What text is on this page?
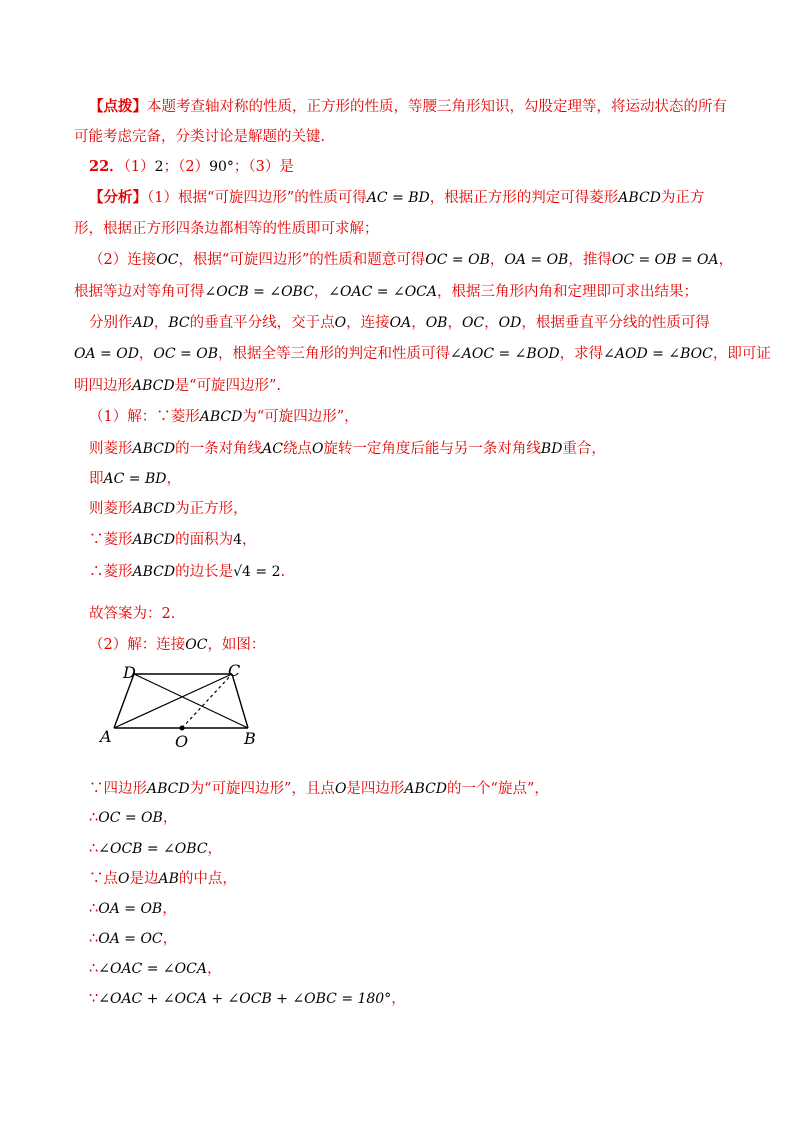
【点拨】本题考查轴对称的性质，正方形的性质，等腰三角形知识，勾股定理等，将运动状态的所有
可能考虑完备，分类讨论是解题的关键.
22．（1）2；（2）90°；（3）是
【分析】（1）根据“可旋四边形”的性质可得AC = BD，根据正方形的判定可得菱形ABCD为正方
形，根据正方形四条边都相等的性质即可求解；
（2）连接OC，根据“可旋四边形”的性质和题意可得OC = OB，OA = OB，推得OC = OB = OA，
根据等边对等角可得∠OCB = ∠OBC，∠OAC = ∠OCA，根据三角形内角和定理即可求出结果；
分别作AD，BC的垂直平分线，交于点O，连接OA，OB，OC，OD，根据垂直平分线的性质可得
OA = OD，OC = OB，根据全等三角形的判定和性质可得∠AOC = ∠BOD，求得∠AOD = ∠BOC，即可证
明四边形ABCD是“可旋四边形”.
（1）解：∵菱形ABCD为“可旋四边形”，
则菱形ABCD的一条对角线AC绕点O旋转一定角度后能与另一条对角线BD重合，
即AC = BD，
则菱形ABCD为正方形，
∵菱形ABCD的面积为4，
∴菱形ABCD的边长是√4 = 2.
故答案为：2．
（2）解：连接OC，如图：
D	C
A	O	B
∵四边形ABCD为“可旋四边形”，且点O是四边形ABCD的一个“旋点”，
∴OC = OB，
∴∠OCB = ∠OBC，
∵点O是边AB的中点，
∴OA = OB，
∴OA = OC，
∴∠OAC = ∠OCA，
∵∠OAC + ∠OCA + ∠OCB + ∠OBC = 180°，
